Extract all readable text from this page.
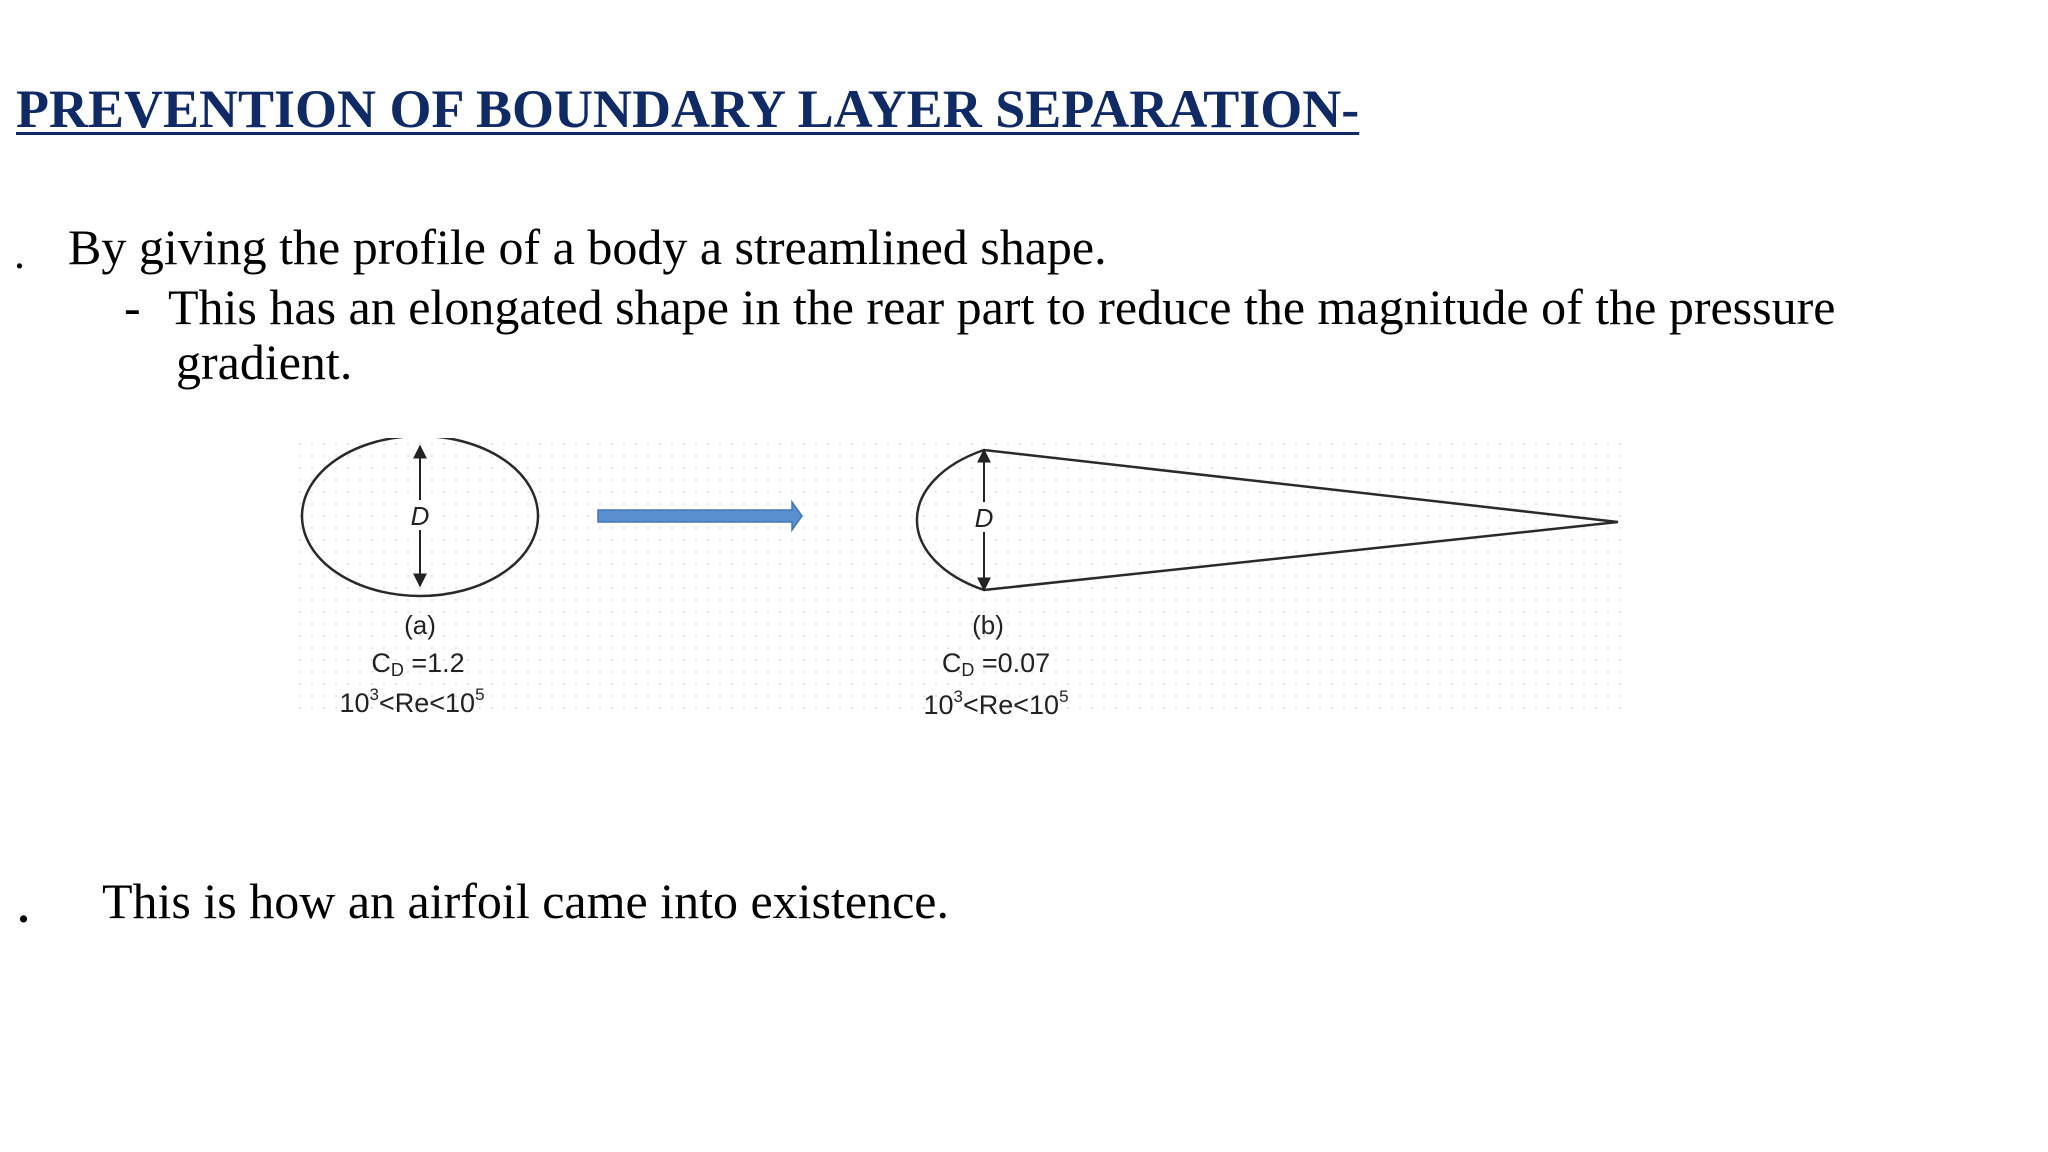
PREVENTION OF BOUNDARY LAYER SEPARATION-
. By giving the profile of a body a streamlined shape.
- This has an elongated shape in the rear part to reduce the magnitude of the pressure
gradient.
D	D
(a)
CD =1.2
$10^3<Re<10^5$
(b)
CD =0.07
$10^3<Re<10^5$
. This is how an airfoil came into existence.
